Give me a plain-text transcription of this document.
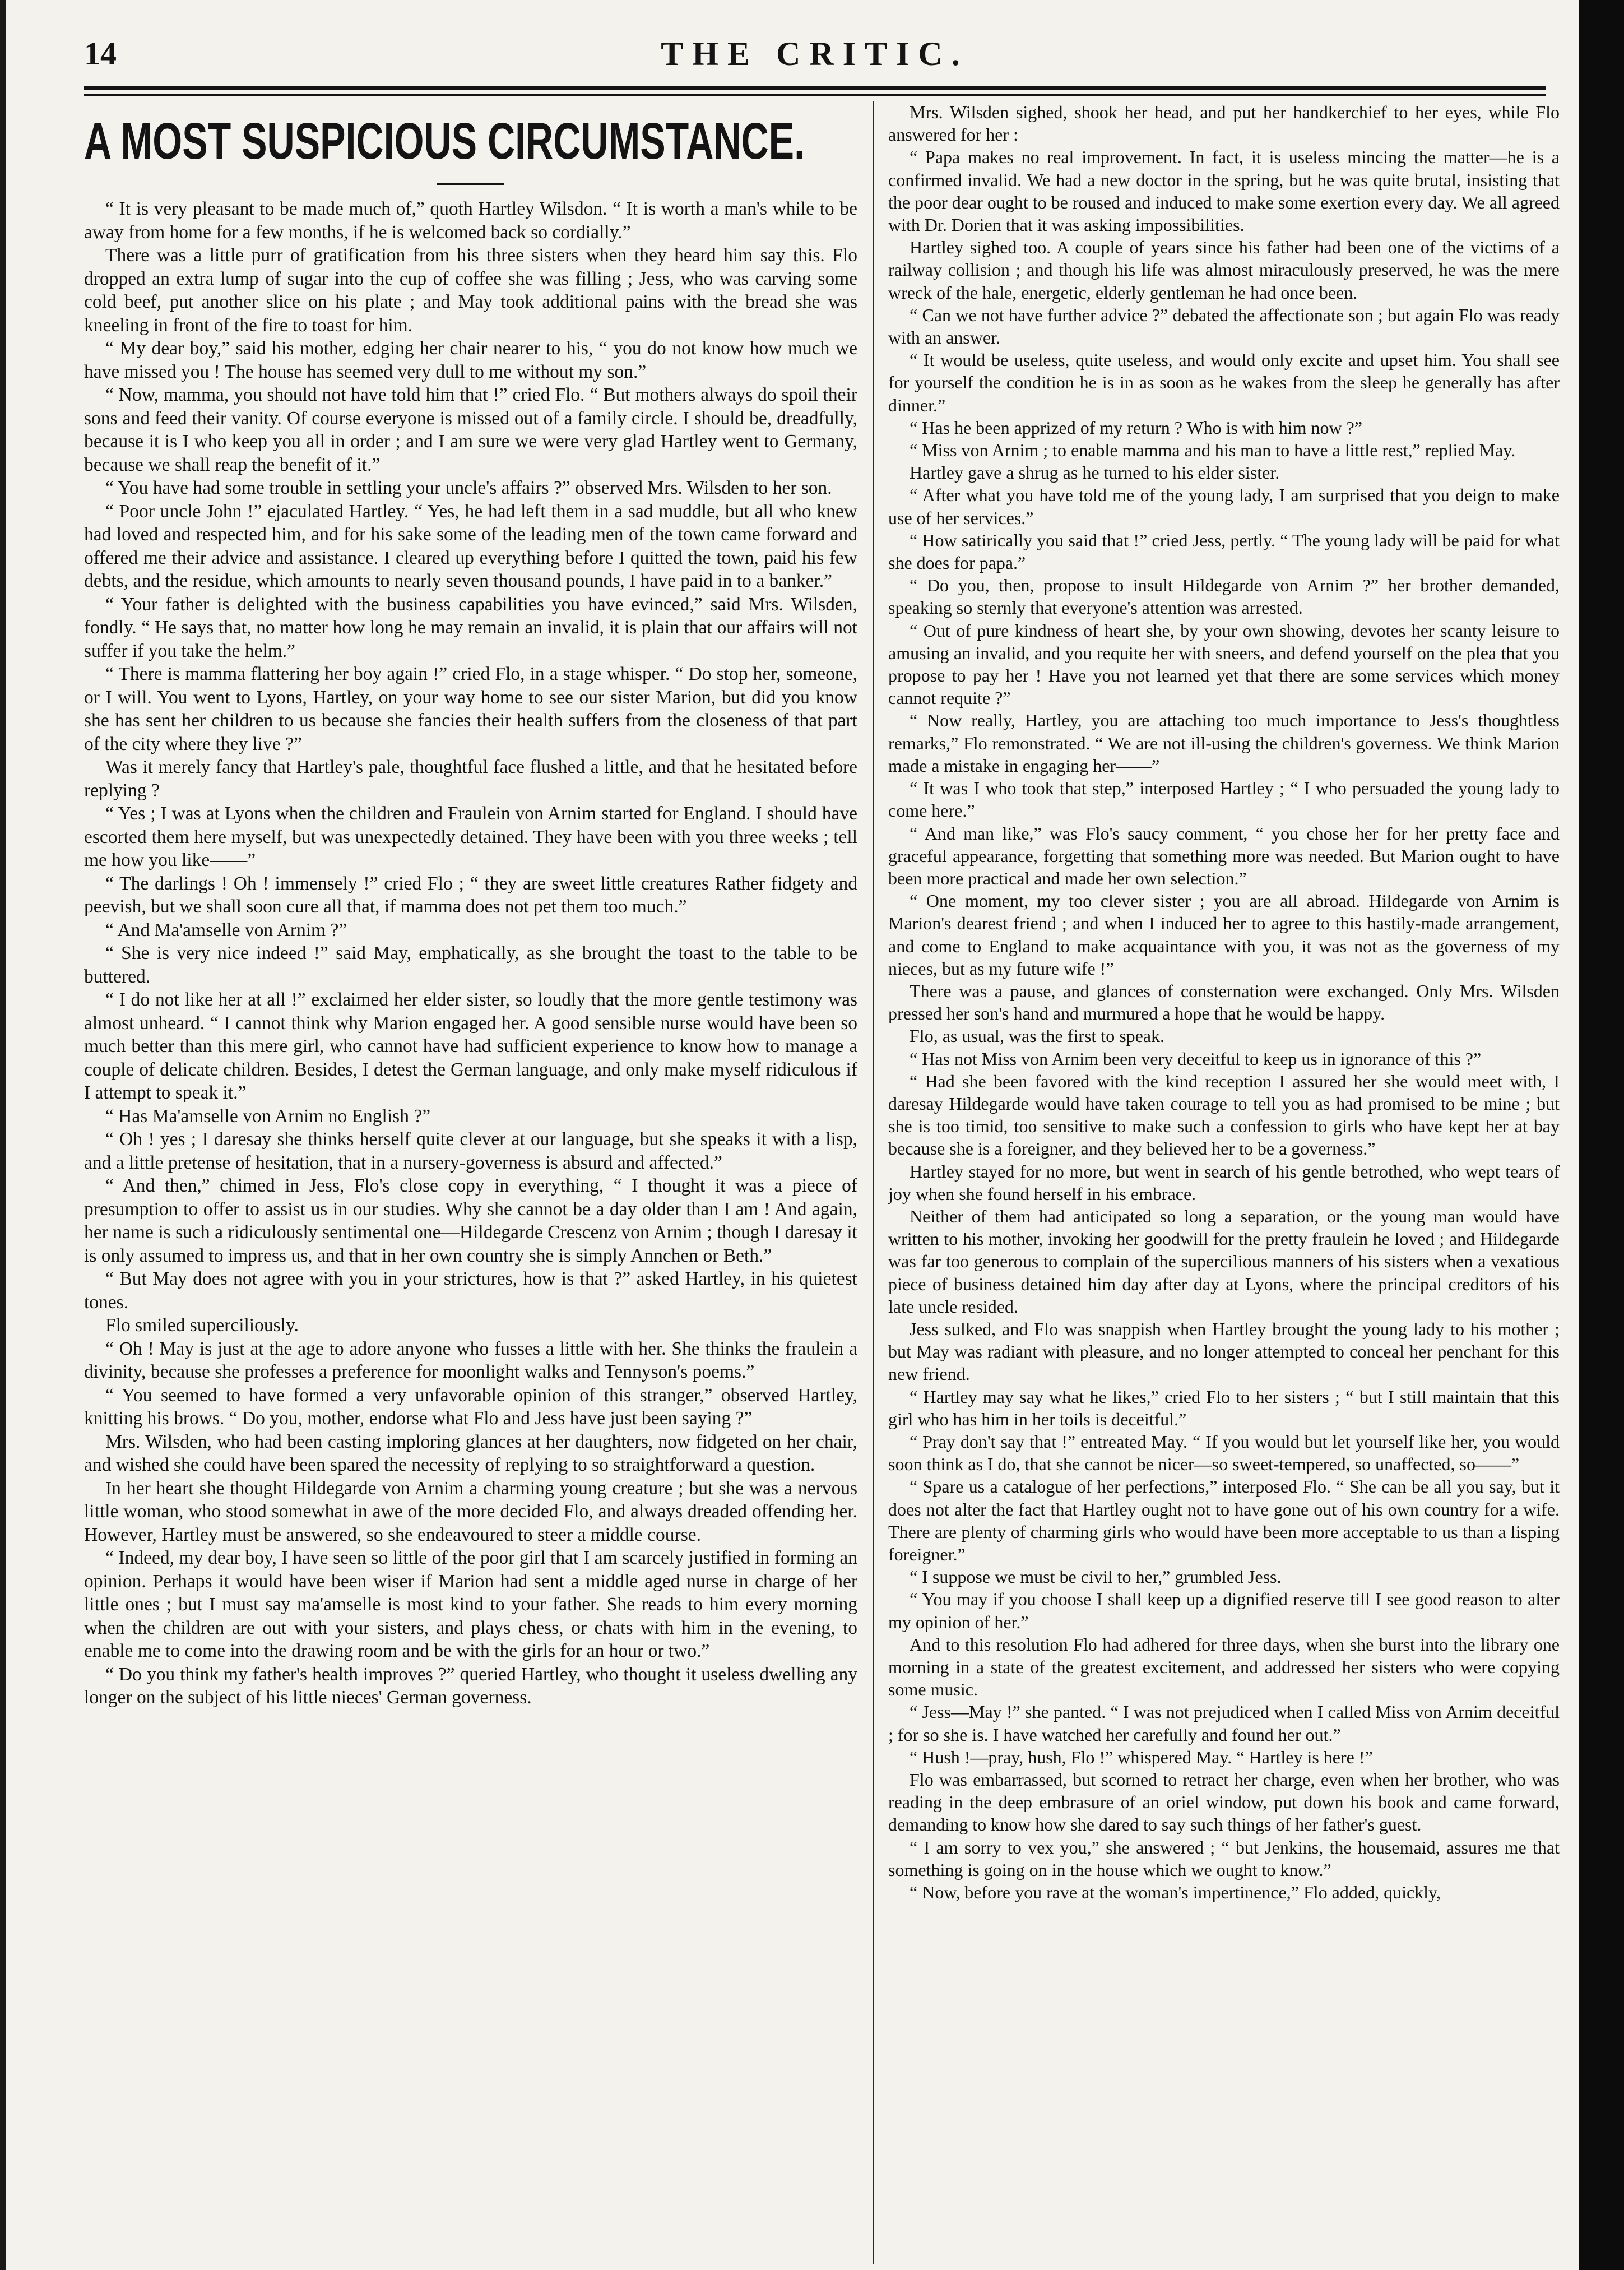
14	THE CRITIC.
A MOST SUSPICIOUS CIRCUMSTANCE.

“ It is very pleasant to be made much of,” quoth Hartley Wilsdon. “ It is worth a man's while to be away from home for a few months, if he is welcomed back so cordially.”

There was a little purr of gratification from his three sisters when they heard him say this. Flo dropped an extra lump of sugar into the cup of coffee she was filling ; Jess, who was carving some cold beef, put another slice on his plate ; and May took additional pains with the bread she was kneeling in front of the fire to toast for him.

“ My dear boy,” said his mother, edging her chair nearer to his, “ you do not know how much we have missed you ! The house has seemed very dull to me without my son.”

“ Now, mamma, you should not have told him that !” cried Flo. “ But mothers always do spoil their sons and feed their vanity. Of course everyone is missed out of a family circle. I should be, dreadfully, because it is I who keep you all in order ; and I am sure we were very glad Hartley went to Germany, because we shall reap the benefit of it.”

“ You have had some trouble in settling your uncle's affairs ?” observed Mrs. Wilsden to her son.

“ Poor uncle John !” ejaculated Hartley. “ Yes, he had left them in a sad muddle, but all who knew had loved and respected him, and for his sake some of the leading men of the town came forward and offered me their advice and assistance. I cleared up everything before I quitted the town, paid his few debts, and the residue, which amounts to nearly seven thousand pounds, I have paid in to a banker.”

“ Your father is delighted with the business capabilities you have evinced,” said Mrs. Wilsden, fondly. “ He says that, no matter how long he may remain an invalid, it is plain that our affairs will not suffer if you take the helm.”

“ There is mamma flattering her boy again !” cried Flo, in a stage whisper. “ Do stop her, someone, or I will. You went to Lyons, Hartley, on your way home to see our sister Marion, but did you know she has sent her children to us because she fancies their health suffers from the closeness of that part of the city where they live ?”

Was it merely fancy that Hartley's pale, thoughtful face flushed a little, and that he hesitated before replying ?

“ Yes ; I was at Lyons when the children and Fraulein von Arnim started for England. I should have escorted them here myself, but was unexpectedly detained. They have been with you three weeks ; tell me how you like——”

“ The darlings ! Oh ! immensely !” cried Flo ; “ they are sweet little creatures Rather fidgety and peevish, but we shall soon cure all that, if mamma does not pet them too much.”

“ And Ma'amselle von Arnim ?”

“ She is very nice indeed !” said May, emphatically, as she brought the toast to the table to be buttered.

“ I do not like her at all !” exclaimed her elder sister, so loudly that the more gentle testimony was almost unheard. “ I cannot think why Marion engaged her. A good sensible nurse would have been so much better than this mere girl, who cannot have had sufficient experience to know how to manage a couple of delicate children. Besides, I detest the German language, and only make myself ridiculous if I attempt to speak it.”

“ Has Ma'amselle von Arnim no English ?”

“ Oh ! yes ; I daresay she thinks herself quite clever at our language, but she speaks it with a lisp, and a little pretense of hesitation, that in a nursery-governess is absurd and affected.”

“ And then,” chimed in Jess, Flo's close copy in everything, “ I thought it was a piece of presumption to offer to assist us in our studies. Why she cannot be a day older than I am ! And again, her name is such a ridiculously sentimental one—Hildegarde Crescenz von Arnim ; though I daresay it is only assumed to impress us, and that in her own country she is simply Annchen or Beth.”

“ But May does not agree with you in your strictures, how is that ?” asked Hartley, in his quietest tones.

Flo smiled superciliously.

“ Oh ! May is just at the age to adore anyone who fusses a little with her. She thinks the fraulein a divinity, because she professes a preference for moonlight walks and Tennyson's poems.”

“ You seemed to have formed a very unfavorable opinion of this stranger,” observed Hartley, knitting his brows. “ Do you, mother, endorse what Flo and Jess have just been saying ?”

Mrs. Wilsden, who had been casting imploring glances at her daughters, now fidgeted on her chair, and wished she could have been spared the necessity of replying to so straightforward a question.

In her heart she thought Hildegarde von Arnim a charming young creature ; but she was a nervous little woman, who stood somewhat in awe of the more decided Flo, and always dreaded offending her. However, Hartley must be answered, so she endeavoured to steer a middle course.

“ Indeed, my dear boy, I have seen so little of the poor girl that I am scarcely justified in forming an opinion. Perhaps it would have been wiser if Marion had sent a middle aged nurse in charge of her little ones ; but I must say ma'amselle is most kind to your father. She reads to him every morning when the children are out with your sisters, and plays chess, or chats with him in the evening, to enable me to come into the drawing room and be with the girls for an hour or two.”

“ Do you think my father's health improves ?” queried Hartley, who thought it useless dwelling any longer on the subject of his little nieces' German governess.

Mrs. Wilsden sighed, shook her head, and put her handkerchief to her eyes, while Flo answered for her :

“ Papa makes no real improvement. In fact, it is useless mincing the matter—he is a confirmed invalid. We had a new doctor in the spring, but he was quite brutal, insisting that the poor dear ought to be roused and induced to make some exertion every day. We all agreed with Dr. Dorien that it was asking impossibilities.

Hartley sighed too. A couple of years since his father had been one of the victims of a railway collision ; and though his life was almost miraculously preserved, he was the mere wreck of the hale, energetic, elderly gentleman he had once been.

“ Can we not have further advice ?” debated the affectionate son ; but again Flo was ready with an answer.

“ It would be useless, quite useless, and would only excite and upset him. You shall see for yourself the condition he is in as soon as he wakes from the sleep he generally has after dinner.”

“ Has he been apprized of my return ? Who is with him now ?”

“ Miss von Arnim ; to enable mamma and his man to have a little rest,” replied May.

Hartley gave a shrug as he turned to his elder sister.

“ After what you have told me of the young lady, I am surprised that you deign to make use of her services.”

“ How satirically you said that !” cried Jess, pertly. “ The young lady will be paid for what she does for papa.”

“ Do you, then, propose to insult Hildegarde von Arnim ?” her brother demanded, speaking so sternly that everyone's attention was arrested.

“ Out of pure kindness of heart she, by your own showing, devotes her scanty leisure to amusing an invalid, and you requite her with sneers, and defend yourself on the plea that you propose to pay her ! Have you not learned yet that there are some services which money cannot requite ?”

“ Now really, Hartley, you are attaching too much importance to Jess's thoughtless remarks,” Flo remonstrated. “ We are not ill-using the children's governess. We think Marion made a mistake in engaging her——”

“ It was I who took that step,” interposed Hartley ; “ I who persuaded the young lady to come here.”

“ And man like,” was Flo's saucy comment, “ you chose her for her pretty face and graceful appearance, forgetting that something more was needed. But Marion ought to have been more practical and made her own selection.”

“ One moment, my too clever sister ; you are all abroad. Hildegarde von Arnim is Marion's dearest friend ; and when I induced her to agree to this hastily-made arrangement, and come to England to make acquaintance with you, it was not as the governess of my nieces, but as my future wife !”

There was a pause, and glances of consternation were exchanged. Only Mrs. Wilsden pressed her son's hand and murmured a hope that he would be happy.

Flo, as usual, was the first to speak.

“ Has not Miss von Arnim been very deceitful to keep us in ignorance of this ?”

“ Had she been favored with the kind reception I assured her she would meet with, I daresay Hildegarde would have taken courage to tell you as had promised to be mine ; but she is too timid, too sensitive to make such a confession to girls who have kept her at bay because she is a foreigner, and they believed her to be a governess.”

Hartley stayed for no more, but went in search of his gentle betrothed, who wept tears of joy when she found herself in his embrace.

Neither of them had anticipated so long a separation, or the young man would have written to his mother, invoking her goodwill for the pretty fraulein he loved ; and Hildegarde was far too generous to complain of the supercilious manners of his sisters when a vexatious piece of business detained him day after day at Lyons, where the principal creditors of his late uncle resided.

Jess sulked, and Flo was snappish when Hartley brought the young lady to his mother ; but May was radiant with pleasure, and no longer attempted to conceal her penchant for this new friend.

“ Hartley may say what he likes,” cried Flo to her sisters ; “ but I still maintain that this girl who has him in her toils is deceitful.”

“ Pray don't say that !” entreated May. “ If you would but let yourself like her, you would soon think as I do, that she cannot be nicer—so sweet-tempered, so unaffected, so——”

“ Spare us a catalogue of her perfections,” interposed Flo. “ She can be all you say, but it does not alter the fact that Hartley ought not to have gone out of his own country for a wife. There are plenty of charming girls who would have been more acceptable to us than a lisping foreigner.”

“ I suppose we must be civil to her,” grumbled Jess.

“ You may if you choose I shall keep up a dignified reserve till I see good reason to alter my opinion of her.”

And to this resolution Flo had adhered for three days, when she burst into the library one morning in a state of the greatest excitement, and addressed her sisters who were copying some music.

“ Jess—May !” she panted. “ I was not prejudiced when I called Miss von Arnim deceitful ; for so she is. I have watched her carefully and found her out.”

“ Hush !—pray, hush, Flo !” whispered May. “ Hartley is here !”

Flo was embarrassed, but scorned to retract her charge, even when her brother, who was reading in the deep embrasure of an oriel window, put down his book and came forward, demanding to know how she dared to say such things of her father's guest.

“ I am sorry to vex you,” she answered ; “ but Jenkins, the housemaid, assures me that something is going on in the house which we ought to know.”

“ Now, before you rave at the woman's impertinence,” Flo added, quickly,
